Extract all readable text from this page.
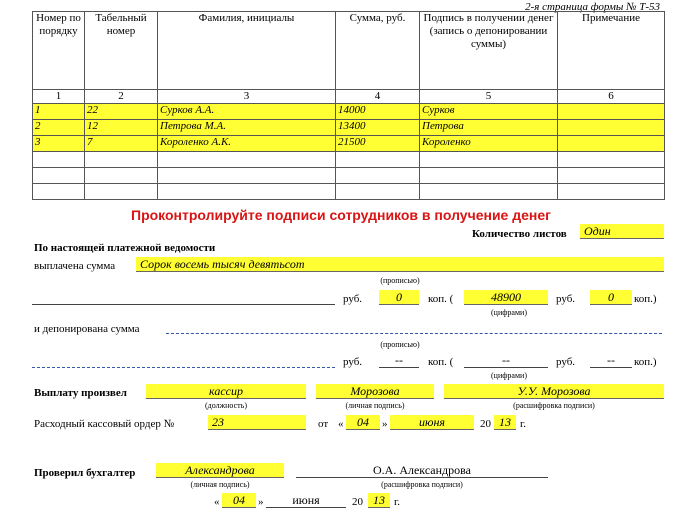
2-я страница формы № Т-53
Номер по порядку	Табельный номер	Фамилия, инициалы	Сумма, руб.	Подпись в получении денег (запись о депонировании суммы)	Примечание
1	2	3	4	5	6
1	22	Сурков А.А.	14000	Сурков	
2	12	Петрова М.А.	13400	Петрова	
3	7	Короленко А.К.	21500	Короленко	

Проконтролируйте подписи сотрудников в получение денег
Количество листов	Один
По настоящей платежной ведомости
выплачена сумма	Сорок восемь тысяч девятьсот
(прописью)
руб.	0	коп. (	48900	руб.	0	коп.)
(цифрами)
и депонирована сумма
(прописью)
руб.	--	коп. (	--	руб.	--	коп.)
(цифрами)
Выплату произвел	кассир
(должность)
Морозова
(личная подпись)
У.У. Морозова
(расшифровка подписи)
Расходный кассовый ордер №	23	от «	04	»	июня	20 13 г.
Проверил бухгалтер	Александрова
(личная подпись)
О.А. Александрова
(расшифровка подписи)
«	04	»	июня	20 13 г.
